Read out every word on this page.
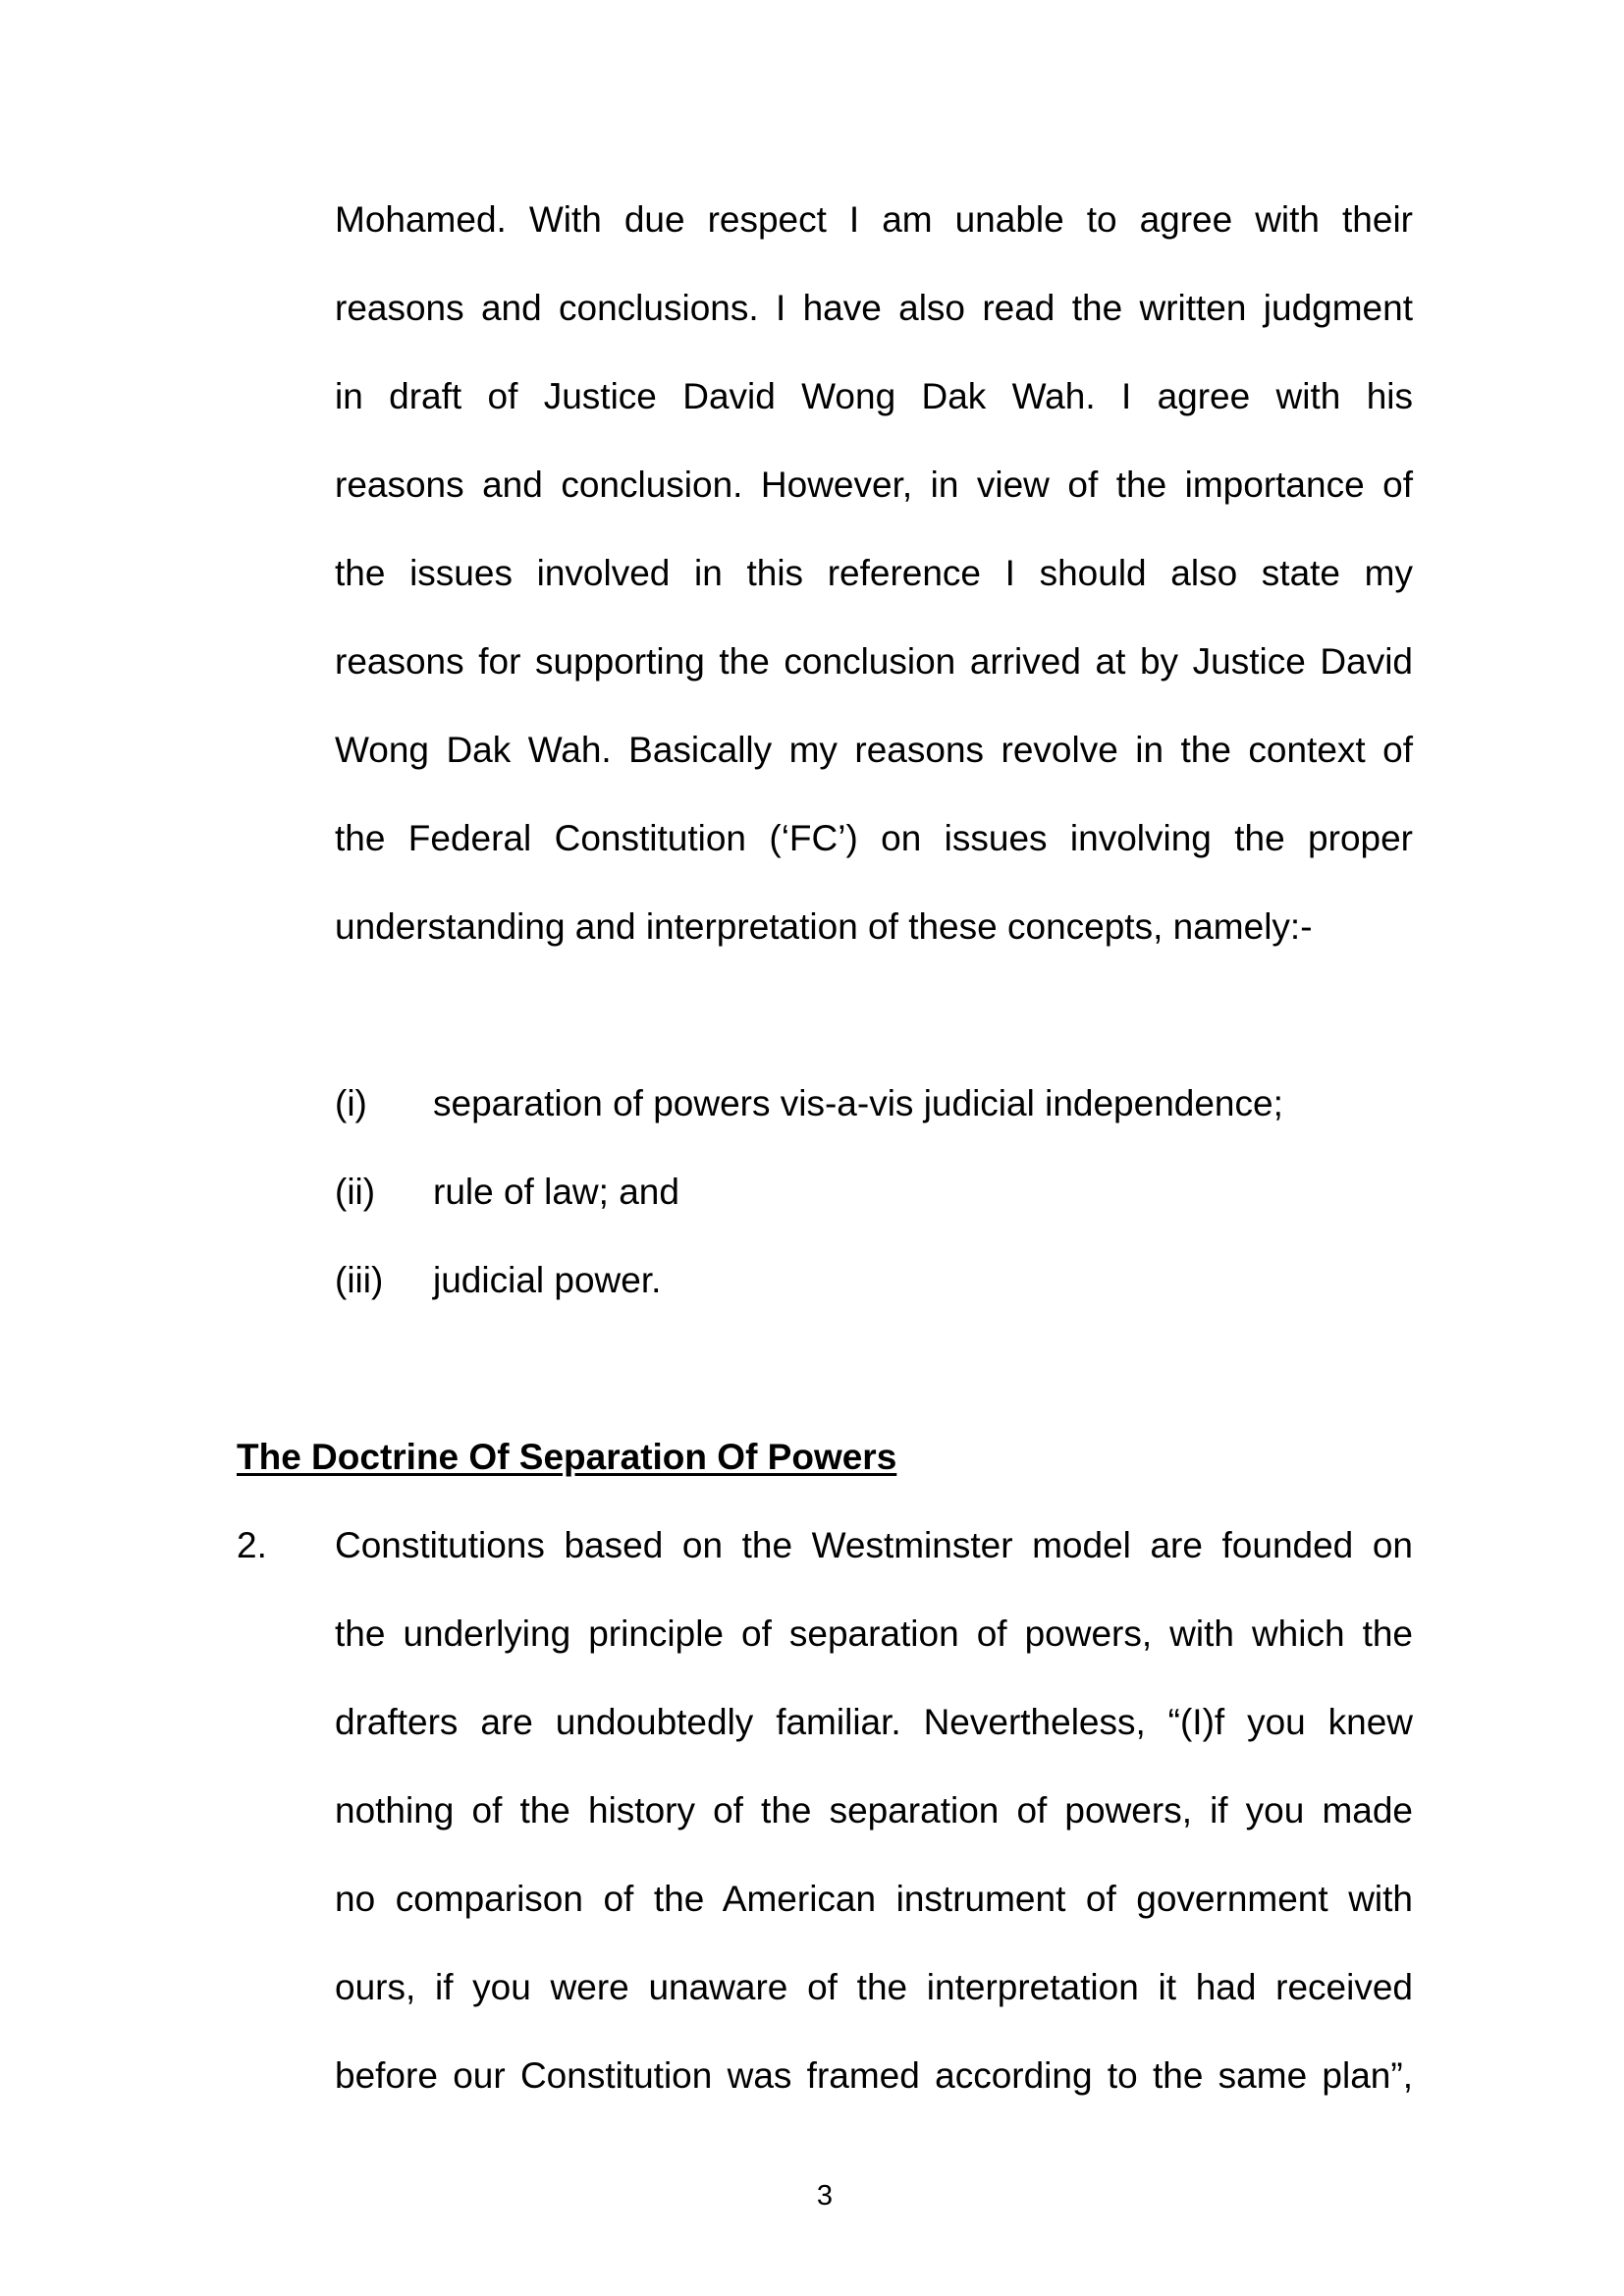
Mohamed. With due respect I am unable to agree with their
reasons and conclusions. I have also read the written judgment
in draft of Justice David Wong Dak Wah. I agree with his
reasons and conclusion. However, in view of the importance of
the issues involved in this reference I should also state my
reasons for supporting the conclusion arrived at by Justice David
Wong Dak Wah. Basically my reasons revolve in the context of
the Federal Constitution (‘FC’) on issues involving the proper
understanding and interpretation of these concepts, namely:-
(i) separation of powers vis-a-vis judicial independence;
(ii) rule of law; and
(iii) judicial power.
The Doctrine Of Separation Of Powers
2. Constitutions based on the Westminster model are founded on
the underlying principle of separation of powers, with which the
drafters are undoubtedly familiar. Nevertheless, “(I)f you knew
nothing of the history of the separation of powers, if you made
no comparison of the American instrument of government with
ours, if you were unaware of the interpretation it had received
before our Constitution was framed according to the same plan”,
3
